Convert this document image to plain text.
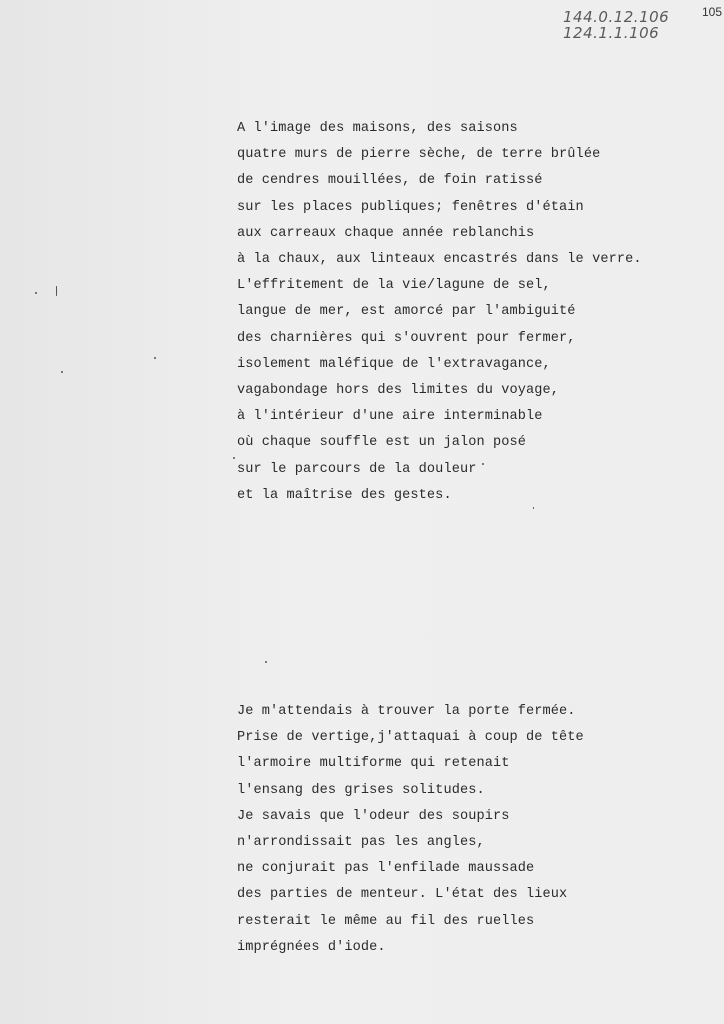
105
144.0.12.106
124.1.1.106
A l'image des maisons, des saisons
quatre murs de pierre sèche, de terre brûlée
de cendres mouillées, de foin ratissé
sur les places publiques; fenêtres d'étain
aux carreaux chaque année reblanchis
à la chaux, aux linteaux encastrés dans le verre.
L'effritement de la vie/lagune de sel,
langue de mer, est amorcé par l'ambiguité
des charnières qui s'ouvrent pour fermer,
isolement maléfique de l'extravagance,
vagabondage hors des limites du voyage,
à l'intérieur d'une aire interminable
où chaque souffle est un jalon posé
sur le parcours de la douleur
et la maîtrise des gestes.
Je m'attendais à trouver la porte fermée.
Prise de vertige,j'attaquai à coup de tête
l'armoire multiforme qui retenait
l'ensang des grises solitudes.
Je savais que l'odeur des soupirs
n'arrondissait pas les angles,
ne conjurait pas l'enfilade maussade
des parties de menteur. L'état des lieux
resterait le même au fil des ruelles
imprégnées d'iode.
